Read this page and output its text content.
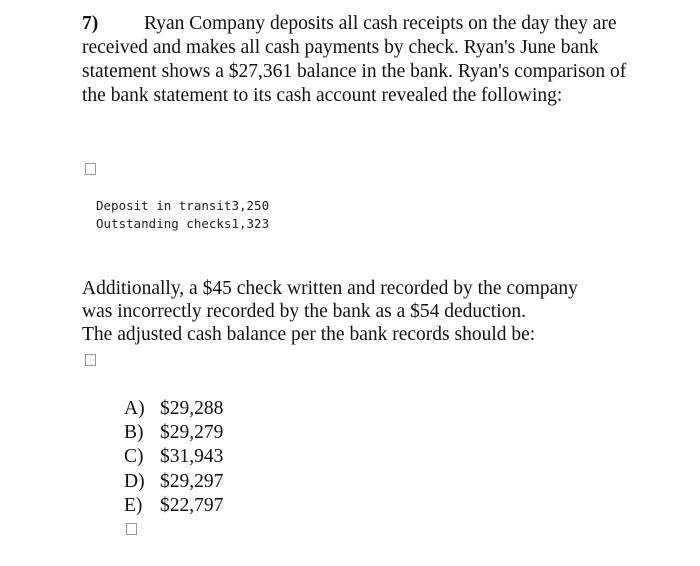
7) Ryan Company deposits all cash receipts on the day they are received and makes all cash payments by check. Ryan's June bank statement shows a $27,361 balance in the bank. Ryan's comparison of the bank statement to its cash account revealed the following:
Deposit in transit3,250
Outstanding checks1,323
Additionally, a $45 check written and recorded by the company
was incorrectly recorded by the bank as a $54 deduction.
The adjusted cash balance per the bank records should be:
A) $29,288
B) $29,279
C) $31,943
D) $29,297
E) $22,797
